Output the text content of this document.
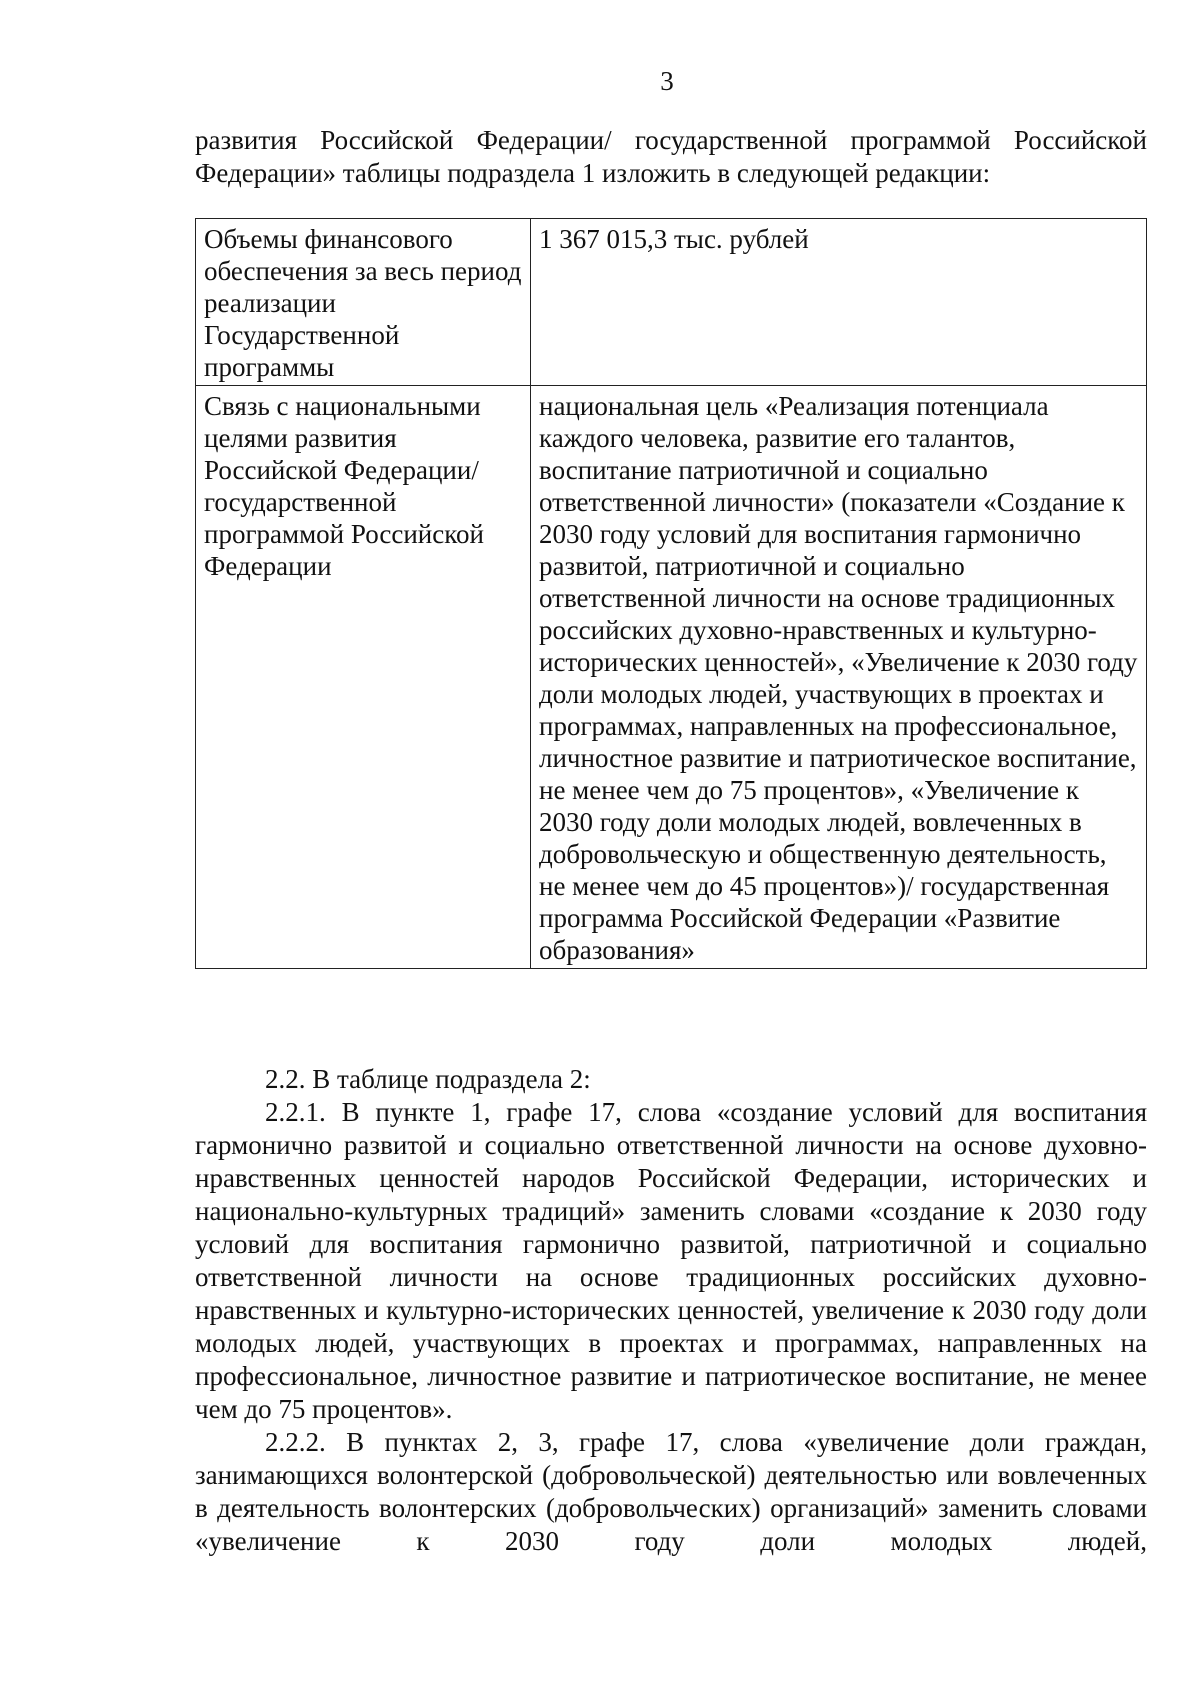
3

развития Российской Федерации/ государственной программой Российской Федерации» таблицы подраздела 1 изложить в следующей редакции:

Объемы финансового обеспечения за весь период реализации Государственной программы	1 367 015,3 тыс. рублей
Связь с национальными целями развития Российской Федерации/ государственной программой Российской Федерации	национальная цель «Реализация потенциала каждого человека, развитие его талантов, воспитание патриотичной и социально ответственной личности» (показатели «Создание к 2030 году условий для воспитания гармонично развитой, патриотичной и социально ответственной личности на основе традиционных российских духовно-нравственных и культурно-исторических ценностей», «Увеличение к 2030 году доли молодых людей, участвующих в проектах и программах, направленных на профессиональное, личностное развитие и патриотическое воспитание, не менее чем до 75 процентов», «Увеличение к 2030 году доли молодых людей, вовлеченных в добровольческую и общественную деятельность, не менее чем до 45 процентов»)/ государственная программа Российской Федерации «Развитие образования»

2.2. В таблице подраздела 2:

2.2.1. В пункте 1, графе 17, слова «создание условий для воспитания гармонично развитой и социально ответственной личности на основе духовно-нравственных ценностей народов Российской Федерации, исторических и национально-культурных традиций» заменить словами «создание к 2030 году условий для воспитания гармонично развитой, патриотичной и социально ответственной личности на основе традиционных российских духовно-нравственных и культурно-исторических ценностей, увеличение к 2030 году доли молодых людей, участвующих в проектах и программах, направленных на профессиональное, личностное развитие и патриотическое воспитание, не менее чем до 75 процентов».

2.2.2. В пунктах 2, 3, графе 17, слова «увеличение доли граждан, занимающихся волонтерской (добровольческой) деятельностью или вовлеченных в деятельность волонтерских (добровольческих) организаций» заменить словами «увеличение к 2030 году доли молодых людей,
